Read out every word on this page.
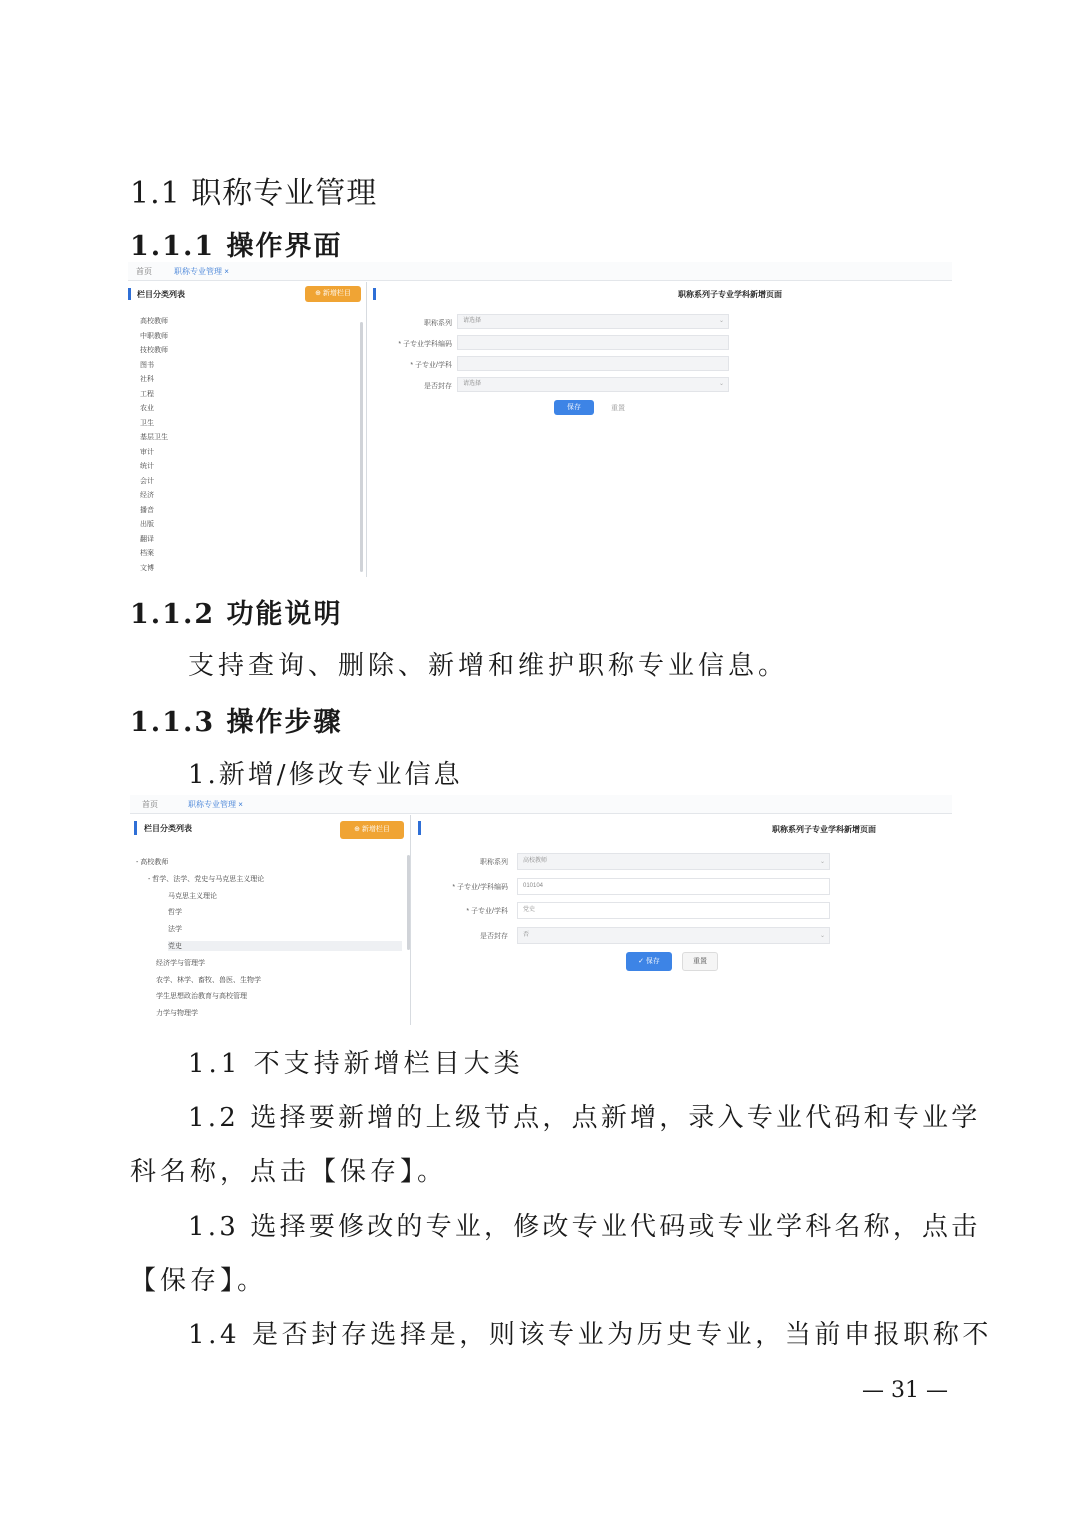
1.1 职称专业管理
1.1.1 操作界面
首页	职称专业管理 ×
栏目分类列表	⊕ 新增栏目
高校教师
中职教师
技校教师
图书
社科
工程
农业
卫生
基层卫生
审计
统计
会计
经济
播音
出版
翻译
档案
文博
职称系列子专业学科新增页面
职称系列	请选择	⌄
* 子专业学科编码
* 子专业/学科
是否封存	请选择	⌄
保存	重置
1.1.2 功能说明
支持查询、删除、新增和维护职称专业信息。
1.1.3 操作步骤
1.新增/修改专业信息
首页	职称专业管理 ×
栏目分类列表	⊕ 新增栏目
- 高校教师
- 哲学、法学、党史与马克思主义理论
马克思主义理论
哲学
法学
党史
经济学与管理学
农学、林学、畜牧、兽医、生物学
学生思想政治教育与高校管理
力学与物理学
职称系列子专业学科新增页面
职称系列	高校教师	⌄
* 子专业/学科编码	010104
* 子专业/学科	党史
是否封存	否	⌄
✓ 保存	重置
1.1 不支持新增栏目大类
1.2 选择要新增的上级节点，点新增，录入专业代码和专业学
科名称，点击【保存】。
1.3 选择要修改的专业，修改专业代码或专业学科名称，点击
【保存】。
1.4 是否封存选择是，则该专业为历史专业，当前申报职称不
— 31 —
